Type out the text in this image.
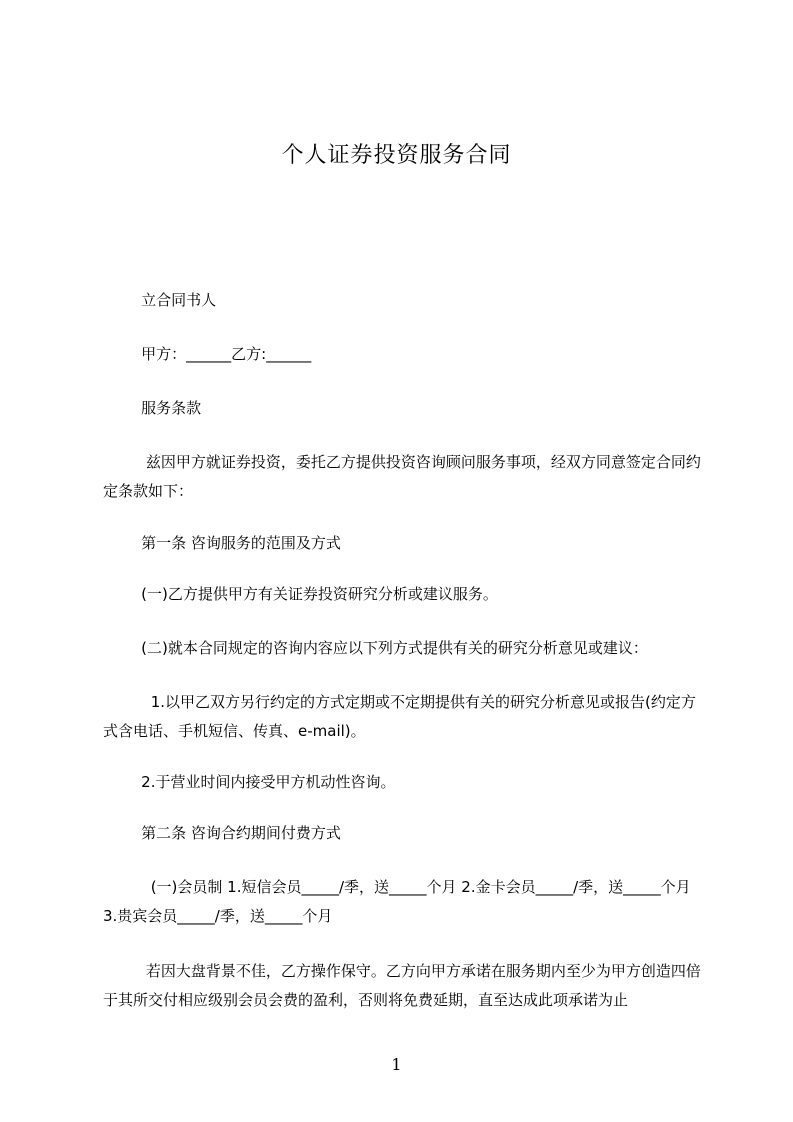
个人证券投资服务合同
立合同书人
甲方：______乙方:______
服务条款
兹因甲方就证券投资，委托乙方提供投资咨询顾问服务事项，经双方同意签定合同约定条款如下：
第一条 咨询服务的范围及方式
(一)乙方提供甲方有关证券投资研究分析或建议服务。
(二)就本合同规定的咨询内容应以下列方式提供有关的研究分析意见或建议：
1.以甲乙双方另行约定的方式定期或不定期提供有关的研究分析意见或报告(约定方式含电话、手机短信、传真、e-mail)。
2.于营业时间内接受甲方机动性咨询。
第二条 咨询合约期间付费方式
(一)会员制 1.短信会员_____/季，送_____个月 2.金卡会员_____/季，送_____个月  3.贵宾会员_____/季，送_____个月
若因大盘背景不佳，乙方操作保守。乙方向甲方承诺在服务期内至少为甲方创造四倍于其所交付相应级别会员会费的盈利，否则将免费延期，直至达成此项承诺为止
1
